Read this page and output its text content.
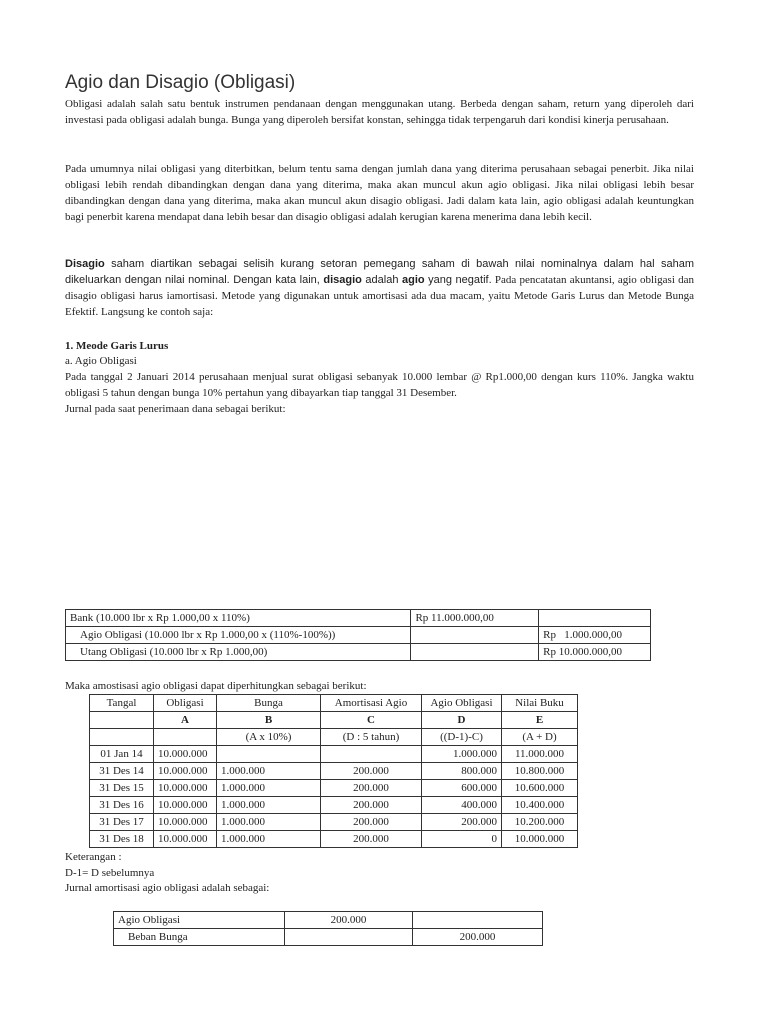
Agio dan Disagio (Obligasi)

Obligasi adalah salah satu bentuk instrumen pendanaan dengan menggunakan utang. Berbeda dengan saham, return yang diperoleh dari investasi pada obligasi adalah bunga. Bunga yang diperoleh bersifat konstan, sehingga tidak terpengaruh dari kondisi kinerja perusahaan.

Pada umumnya nilai obligasi yang diterbitkan, belum tentu sama dengan jumlah dana yang diterima perusahaan sebagai penerbit. Jika nilai obligasi lebih rendah dibandingkan dengan dana yang diterima, maka akan muncul akun agio obligasi. Jika nilai obligasi lebih besar dibandingkan dengan dana yang diterima, maka akan muncul akun disagio obligasi. Jadi dalam kata lain, agio obligasi adalah keuntungkan bagi penerbit karena mendapat dana lebih besar dan disagio obligasi adalah kerugian karena menerima dana lebih kecil.

Disagio saham diartikan sebagai selisih kurang setoran pemegang saham di bawah nilai nominalnya dalam hal saham dikeluarkan dengan nilai nominal. Dengan kata lain, disagio adalah agio yang negatif. Pada pencatatan akuntansi, agio obligasi dan disagio obligasi harus iamortisasi. Metode yang digunakan untuk amortisasi ada dua macam, yaitu Metode Garis Lurus dan Metode Bunga Efektif. Langsung ke contoh saja:

1. Meode Garis Lurus
a. Agio Obligasi

Pada tanggal 2 Januari 2014 perusahaan menjual surat obligasi sebanyak 10.000 lembar @ Rp1.000,00 dengan kurs 110%. Jangka waktu obligasi 5 tahun dengan bunga 10% pertahun yang dibayarkan tiap tanggal 31 Desember.

Jurnal pada saat penerimaan dana sebagai berikut:
Bank (10.000 lbr x Rp 1.000,00 x 110%)	Rp 11.000.000,00	
Agio Obligasi (10.000 lbr x Rp 1.000,00 x (110%-100%))		Rp   1.000.000,00
Utang Obligasi (10.000 lbr x Rp 1.000,00)		Rp 10.000.000,00
Maka amostisasi agio obligasi dapat diperhitungkan sebagai berikut:
Tangal	Obligasi	Bunga	Amortisasi Agio	Agio Obligasi	Nilai Buku
	A	B	C	D	E
		(A x 10%)	(D : 5 tahun)	((D-1)-C)	(A + D)
01 Jan 14	10.000.000			1.000.000	11.000.000
31 Des 14	10.000.000	1.000.000	200.000	800.000	10.800.000
31 Des 15	10.000.000	1.000.000	200.000	600.000	10.600.000
31 Des 16	10.000.000	1.000.000	200.000	400.000	10.400.000
31 Des 17	10.000.000	1.000.000	200.000	200.000	10.200.000
31 Des 18	10.000.000	1.000.000	200.000	0	10.000.000
Keterangan :
D-1= D sebelumnya
Jurnal amortisasi agio obligasi adalah sebagai:
Agio Obligasi	200.000	
Beban Bunga		200.000
